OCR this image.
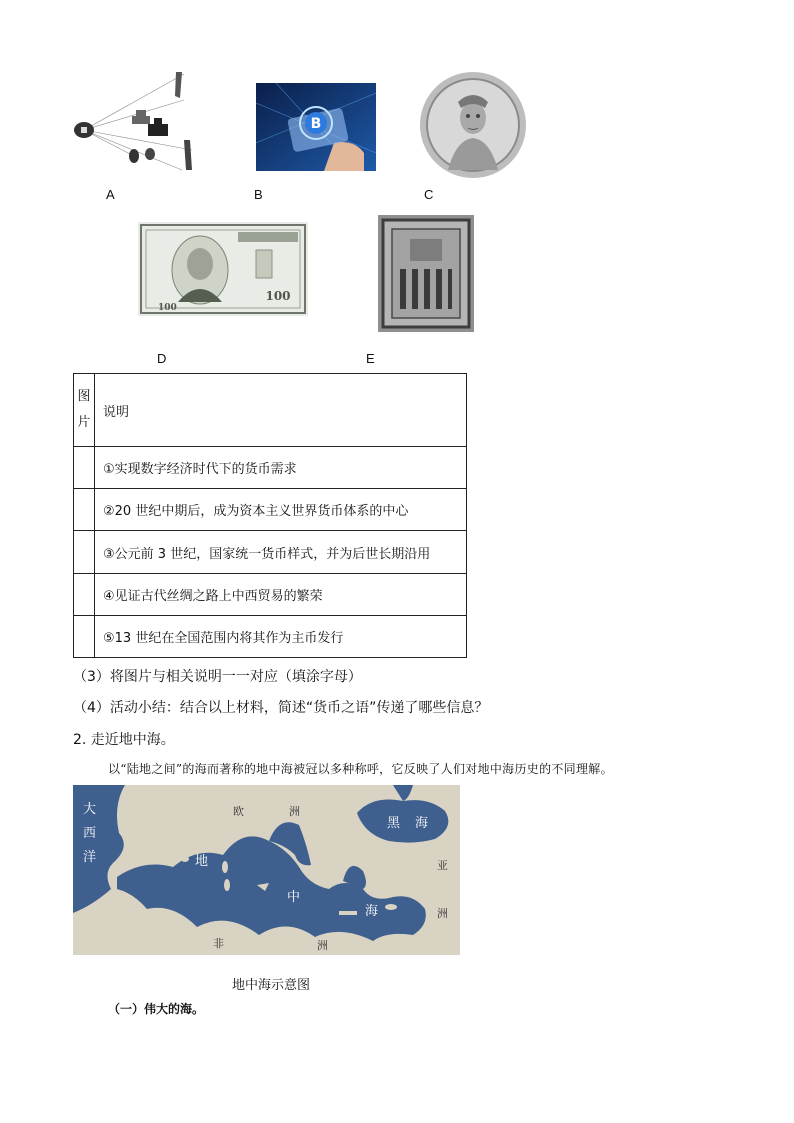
A
B
B	C
100
100
D	E
图
片	说明
	①实现数字经济时代下的货币需求
	②20 世纪中期后，成为资本主义世界货币体系的中心
	③公元前 3 世纪，国家统一货币样式，并为后世长期沿用
	④见证古代丝绸之路上中西贸易的繁荣
	⑤13 世纪在全国范围内将其作为主币发行
（3）将图片与相关说明一一对应（填涂字母）
（4）活动小结：结合以上材料，简述“货币之语”传递了哪些信息？
2. 走近地中海。
以“陆地之间”的海而著称的地中海被冠以多种称呼，它反映了人们对地中海历史的不同理解。
大
西
洋
欧	洲
黑 海
亚
洲
地
中
海
非	洲
地中海示意图
（一）伟大的海。
